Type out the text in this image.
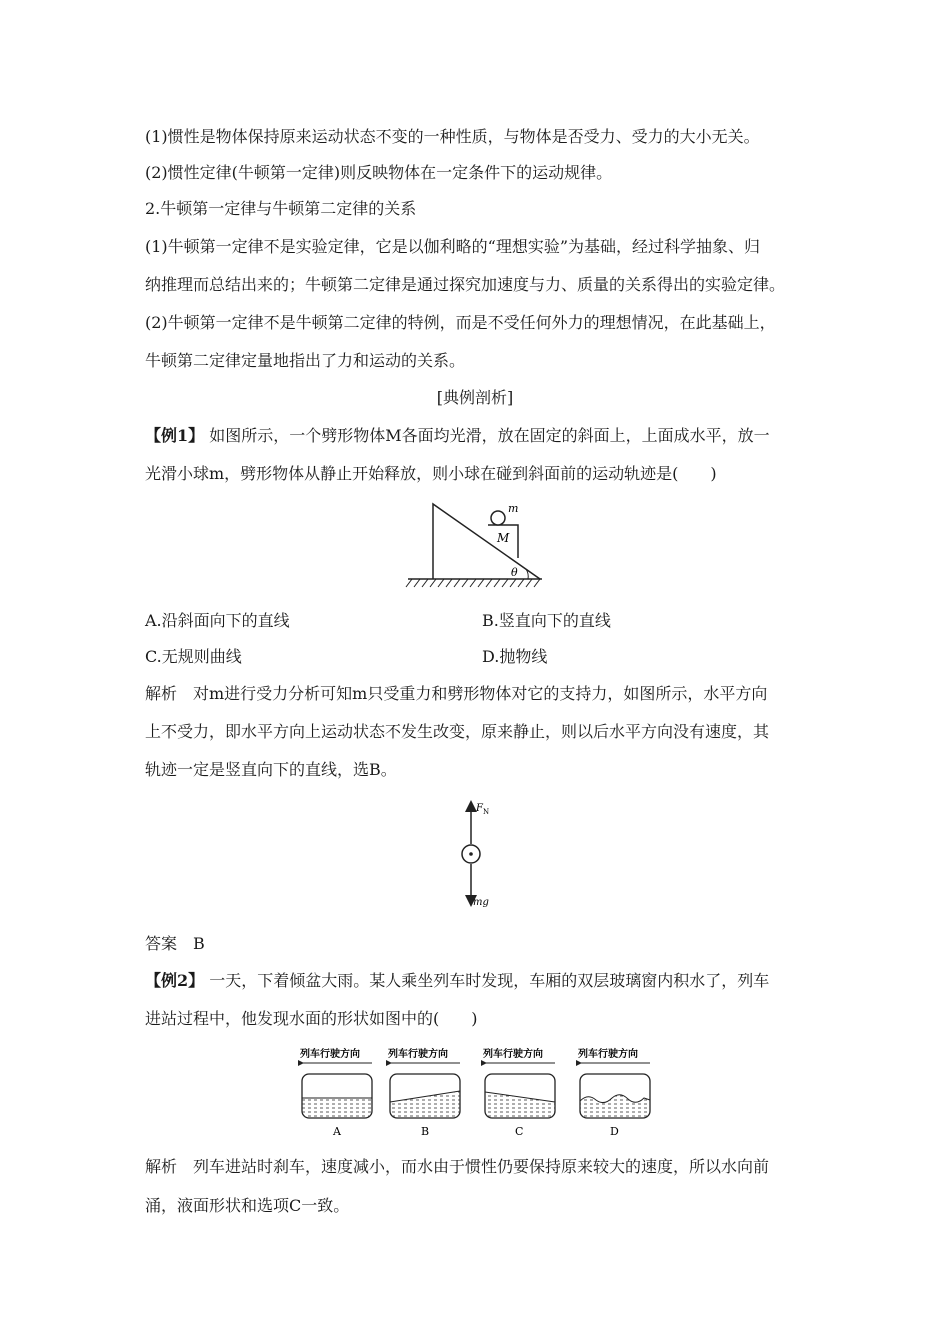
(1)惯性是物体保持原来运动状态不变的一种性质，与物体是否受力、受力的大小无关。
(2)惯性定律(牛顿第一定律)则反映物体在一定条件下的运动规律。
2.牛顿第一定律与牛顿第二定律的关系
(1)牛顿第一定律不是实验定律，它是以伽利略的“理想实验”为基础，经过科学抽象、归
纳推理而总结出来的；牛顿第二定律是通过探究加速度与力、质量的关系得出的实验定律。
(2)牛顿第一定律不是牛顿第二定律的特例，而是不受任何外力的理想情况，在此基础上，
牛顿第二定律定量地指出了力和运动的关系。
[典例剖析]
【例1】 如图所示，一个劈形物体M各面均光滑，放在固定的斜面上，上面成水平，放一
光滑小球m，劈形物体从静止开始释放，则小球在碰到斜面前的运动轨迹是(　　)
m
M
θ
A.沿斜面向下的直线	B.竖直向下的直线
C.无规则曲线	D.抛物线
解析　对m进行受力分析可知m只受重力和劈形物体对它的支持力，如图所示，水平方向
上不受力，即水平方向上运动状态不发生改变，原来静止，则以后水平方向没有速度，其
轨迹一定是竖直向下的直线，选B。
F N
mg
答案　B
【例2】 一天，下着倾盆大雨。某人乘坐列车时发现，车厢的双层玻璃窗内积水了，列车
进站过程中，他发现水面的形状如图中的(　　)
列车行驶方向
A
列车行驶方向
B
列车行驶方向
C
列车行驶方向
D
解析　列车进站时刹车，速度减小，而水由于惯性仍要保持原来较大的速度，所以水向前
涌，液面形状和选项C一致。
